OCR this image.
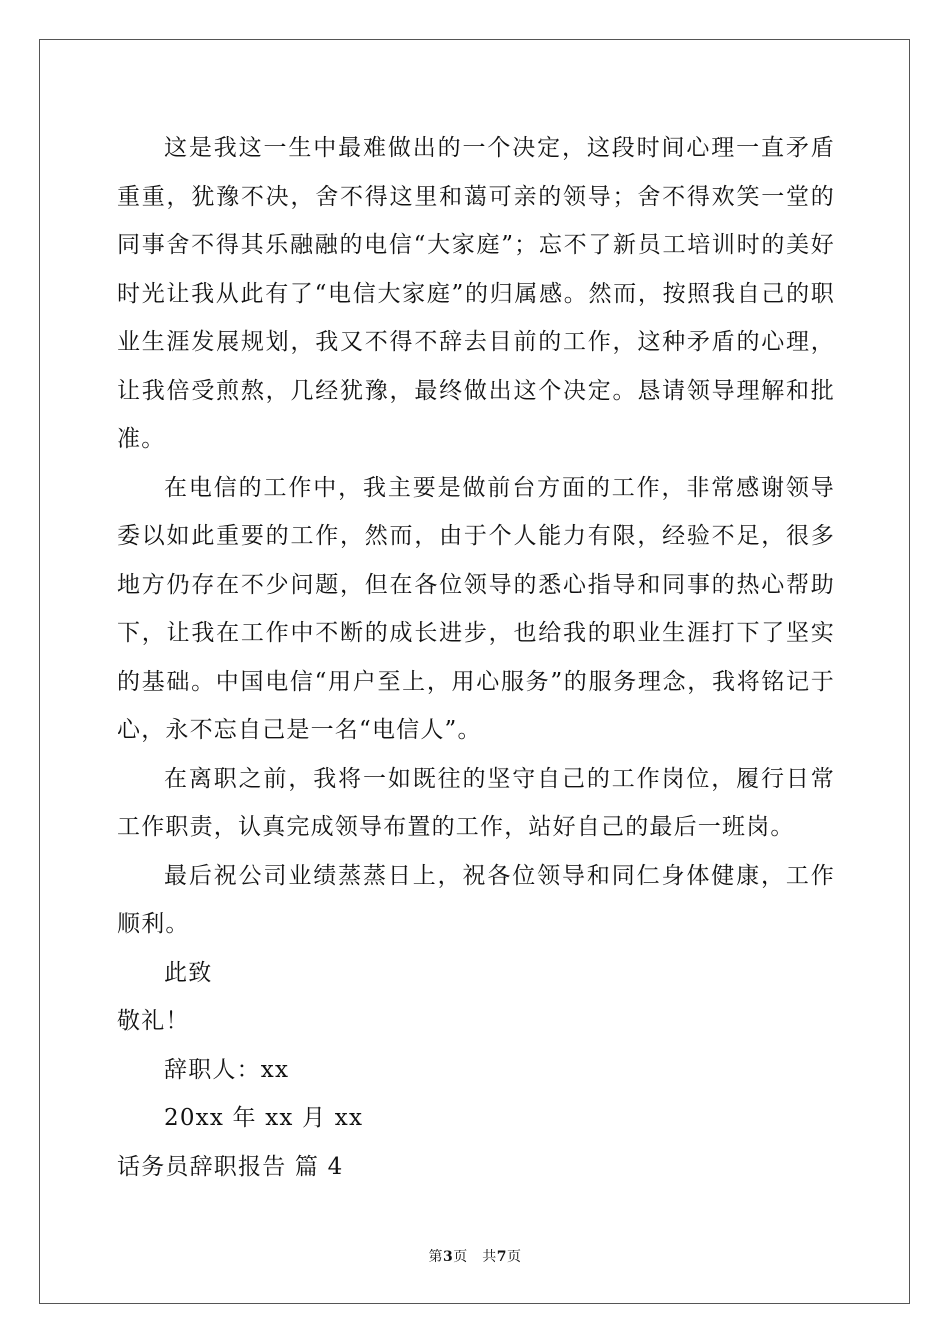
这是我这一生中最难做出的一个决定，这段时间心理一直矛盾重重，犹豫不决，舍不得这里和蔼可亲的领导；舍不得欢笑一堂的同事舍不得其乐融融的电信“大家庭”；忘不了新员工培训时的美好时光让我从此有了“电信大家庭”的归属感。然而，按照我自己的职业生涯发展规划，我又不得不辞去目前的工作，这种矛盾的心理，让我倍受煎熬，几经犹豫，最终做出这个决定。恳请领导理解和批准。

在电信的工作中，我主要是做前台方面的工作，非常感谢领导委以如此重要的工作，然而，由于个人能力有限，经验不足，很多地方仍存在不少问题，但在各位领导的悉心指导和同事的热心帮助下，让我在工作中不断的成长进步，也给我的职业生涯打下了坚实的基础。中国电信“用户至上，用心服务”的服务理念，我将铭记于心，永不忘自己是一名“电信人”。

在离职之前，我将一如既往的坚守自己的工作岗位，履行日常工作职责，认真完成领导布置的工作，站好自己的最后一班岗。

最后祝公司业绩蒸蒸日上，祝各位领导和同仁身体健康，工作顺利。

此致

敬礼！

辞职人：xx

20xx 年 xx 月 xx

话务员辞职报告 篇 4

第3页　共7页
